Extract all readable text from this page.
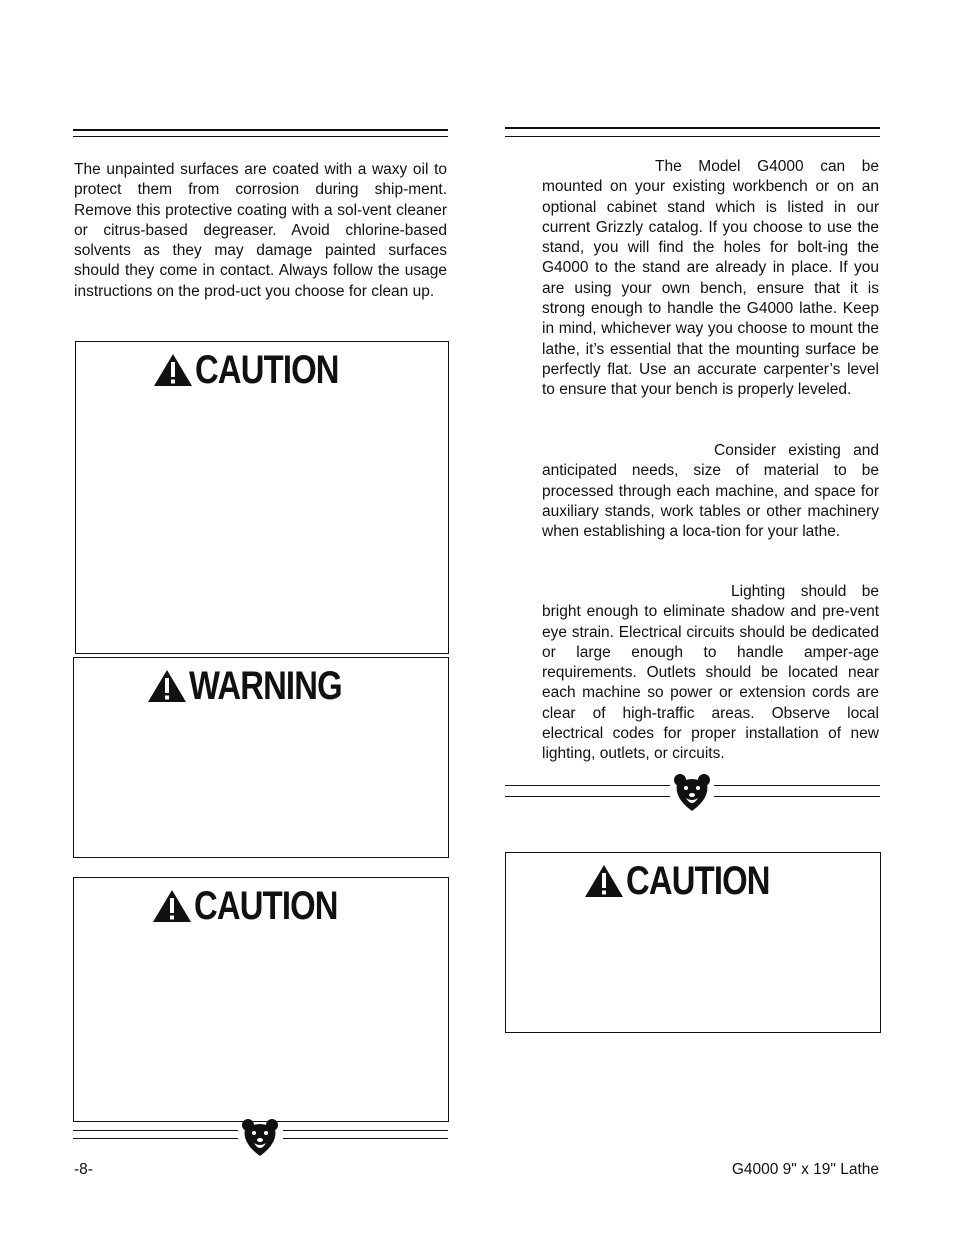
The unpainted surfaces are coated with a waxy oil to protect them from corrosion during ship-ment. Remove this protective coating with a sol-vent cleaner or citrus-based degreaser. Avoid chlorine-based solvents as they may damage painted surfaces should they come in contact. Always follow the usage instructions on the prod-uct you choose for clean up.

CAUTION
WARNING
CAUTION

The Model G4000 can be mounted on your existing workbench or on an optional cabinet stand which is listed in our current Grizzly catalog. If you choose to use the stand, you will find the holes for bolt-ing the G4000 to the stand are already in place. If you are using your own bench, ensure that it is strong enough to handle the G4000 lathe. Keep in mind, whichever way you choose to mount the lathe, it’s essential that the mounting surface be perfectly flat. Use an accurate carpenter’s level to ensure that your bench is properly leveled.

Consider existing and anticipated needs, size of material to be processed through each machine, and space for auxiliary stands, work tables or other machinery when establishing a loca-tion for your lathe.

Lighting should be bright enough to eliminate shadow and pre-vent eye strain. Electrical circuits should be dedicated or large enough to handle amper-age requirements. Outlets should be located near each machine so power or extension cords are clear of high-traffic areas. Observe local electrical codes for proper installation of new lighting, outlets, or circuits.

CAUTION
-8-	G4000 9" x 19" Lathe
